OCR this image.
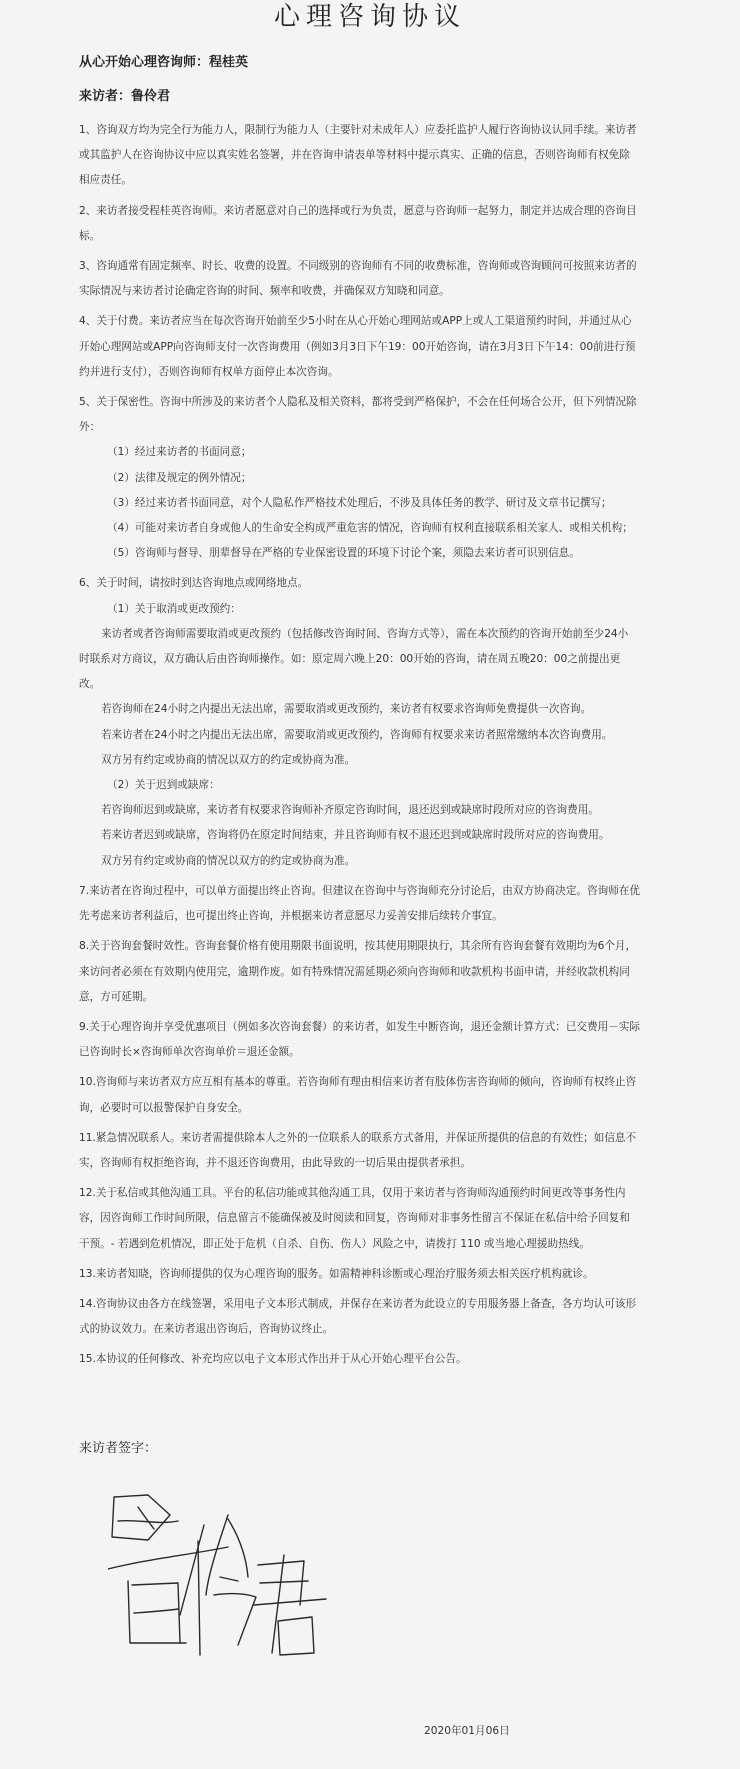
心理咨询协议
从心开始心理咨询师：程桂英
来访者：鲁伶君
1、咨询双方均为完全行为能力人，限制行为能力人（主要针对未成年人）应委托监护人履行咨询协议认同手续。来访者
或其监护人在咨询协议中应以真实姓名签署，并在咨询申请表单等材料中提示真实、正确的信息，否则咨询师有权免除
相应责任。
2、来访者接受程桂英咨询师。来访者愿意对自己的选择或行为负责，愿意与咨询师一起努力，制定并达成合理的咨询目
标。
3、咨询通常有固定频率、时长、收费的设置。不同级别的咨询师有不同的收费标准，咨询师或咨询顾问可按照来访者的
实际情况与来访者讨论确定咨询的时间、频率和收费，并确保双方知晓和同意。
4、关于付费。来访者应当在每次咨询开始前至少5小时在从心开始心理网站或APP上或人工渠道预约时间，并通过从心
开始心理网站或APP向咨询师支付一次咨询费用（例如3月3日下午19：00开始咨询，请在3月3日下午14：00前进行预
约并进行支付），否则咨询师有权单方面停止本次咨询。
5、关于保密性。咨询中所涉及的来访者个人隐私及相关资料，都将受到严格保护，不会在任何场合公开，但下列情况除
外：
（1）经过来访者的书面同意；
（2）法律及规定的例外情况；
（3）经过来访者书面同意，对个人隐私作严格技术处理后，不涉及具体任务的教学、研讨及文章书记撰写；
（4）可能对来访者自身或他人的生命安全构成严重危害的情况，咨询师有权利直接联系相关家人、或相关机构；
（5）咨询师与督导、朋辈督导在严格的专业保密设置的环境下讨论个案，须隐去来访者可识别信息。
6、关于时间，请按时到达咨询地点或网络地点。
（1）关于取消或更改预约：
来访者或者咨询师需要取消或更改预约（包括修改咨询时间、咨询方式等），需在本次预约的咨询开始前至少24小
时联系对方商议，双方确认后由咨询师操作。如：原定周六晚上20：00开始的咨询，请在周五晚20：00之前提出更
改。
若咨询师在24小时之内提出无法出席，需要取消或更改预约，来访者有权要求咨询师免费提供一次咨询。
若来访者在24小时之内提出无法出席，需要取消或更改预约，咨询师有权要求来访者照常缴纳本次咨询费用。
双方另有约定或协商的情况以双方的约定或协商为准。
（2）关于迟到或缺席：
若咨询师迟到或缺席，来访者有权要求咨询师补齐原定咨询时间，退还迟到或缺席时段所对应的咨询费用。
若来访者迟到或缺席，咨询将仍在原定时间结束，并且咨询师有权不退还迟到或缺席时段所对应的咨询费用。
双方另有约定或协商的情况以双方的约定或协商为准。
7.来访者在咨询过程中，可以单方面提出终止咨询。但建议在咨询中与咨询师充分讨论后，由双方协商决定。咨询师在优
先考虑来访者利益后，也可提出终止咨询，并根据来访者意愿尽力妥善安排后续转介事宜。
8.关于咨询套餐时效性。咨询套餐价格有使用期限书面说明，按其使用期限执行，其余所有咨询套餐有效期均为6个月，
来访问者必须在有效期内使用完，逾期作废。如有特殊情况需延期必须向咨询师和收款机构书面申请，并经收款机构同
意，方可延期。
9.关于心理咨询并享受优惠项目（例如多次咨询套餐）的来访者，如发生中断咨询，退还金额计算方式：已交费用－实际
已咨询时长×咨询师单次咨询单价＝退还金额。
10.咨询师与来访者双方应互相有基本的尊重。若咨询师有理由相信来访者有肢体伤害咨询师的倾向，咨询师有权终止咨
询，必要时可以报警保护自身安全。
11.紧急情况联系人。来访者需提供除本人之外的一位联系人的联系方式备用，并保证所提供的信息的有效性；如信息不
实，咨询师有权拒绝咨询，并不退还咨询费用，由此导致的一切后果由提供者承担。
12.关于私信或其他沟通工具。平台的私信功能或其他沟通工具，仅用于来访者与咨询师沟通预约时间更改等事务性内
容，因咨询师工作时间所限，信息留言不能确保被及时阅读和回复，咨询师对非事务性留言不保证在私信中给予回复和
干预。- 若遇到危机情况，即正处于危机（自杀、自伤、伤人）风险之中，请拨打 110 或当地心理援助热线。
13.来访者知晓，咨询师提供的仅为心理咨询的服务。如需精神科诊断或心理治疗服务须去相关医疗机构就诊。
14.咨询协议由各方在线签署，采用电子文本形式制成，并保存在来访者为此设立的专用服务器上备查，各方均认可该形
式的协议效力。在来访者退出咨询后，咨询协议终止。
15.本协议的任何修改、补充均应以电子文本形式作出并于从心开始心理平台公告。
来访者签字：
2020年01月06日
